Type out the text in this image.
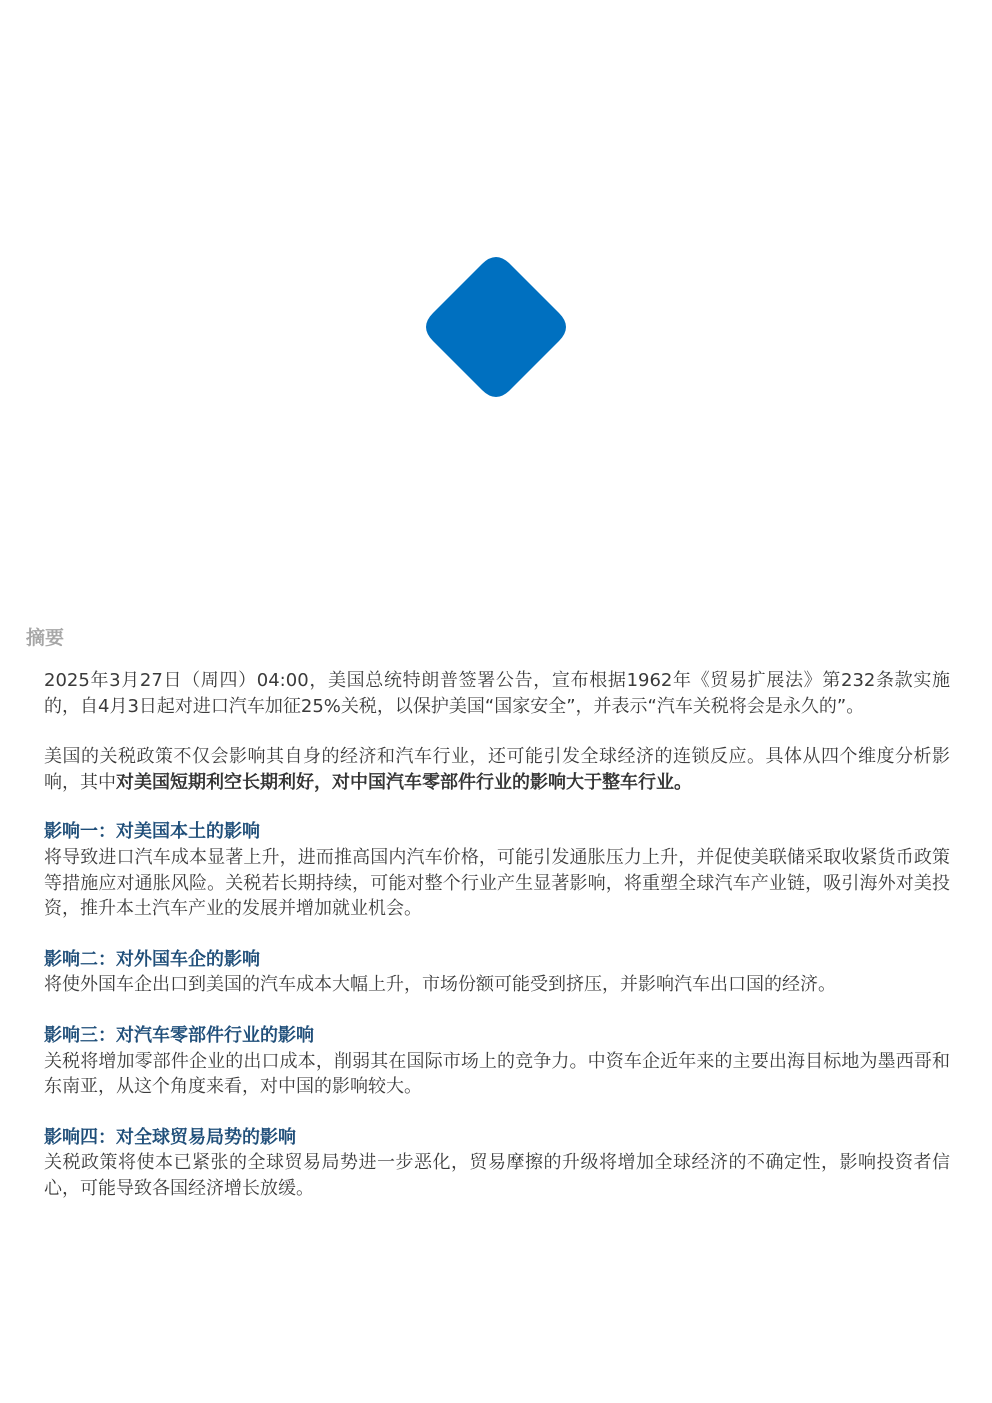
摘要

2025年3月27日（周四）04:00，美国总统特朗普签署公告，宣布根据1962年《贸易扩展法》第232条款实施的，自4月3日起对进口汽车加征25%关税，以保护美国“国家安全”，并表示“汽车关税将会是永久的”。

美国的关税政策不仅会影响其自身的经济和汽车行业，还可能引发全球经济的连锁反应。具体从四个维度分析影响，其中对美国短期利空长期利好，对中国汽车零部件行业的影响大于整车行业。

影响一：对美国本土的影响

将导致进口汽车成本显著上升，进而推高国内汽车价格，可能引发通胀压力上升，并促使美联储采取收紧货币政策等措施应对通胀风险。关税若长期持续，可能对整个行业产生显著影响，将重塑全球汽车产业链，吸引海外对美投资，推升本土汽车产业的发展并增加就业机会。

影响二：对外国车企的影响

将使外国车企出口到美国的汽车成本大幅上升，市场份额可能受到挤压，并影响汽车出口国的经济。

影响三：对汽车零部件行业的影响

关税将增加零部件企业的出口成本，削弱其在国际市场上的竞争力。中资车企近年来的主要出海目标地为墨西哥和东南亚，从这个角度来看，对中国的影响较大。

影响四：对全球贸易局势的影响

关税政策将使本已紧张的全球贸易局势进一步恶化，贸易摩擦的升级将增加全球经济的不确定性，影响投资者信心，可能导致各国经济增长放缓。
